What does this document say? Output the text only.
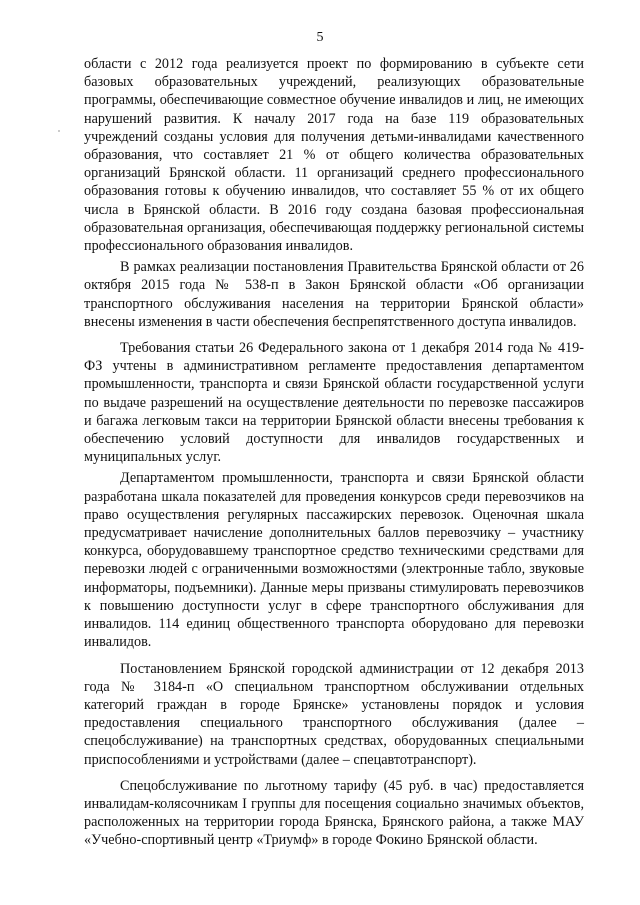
5

области с 2012 года реализуется проект по формированию в субъекте сети базовых образовательных учреждений, реализующих образовательные программы, обеспечивающие совместное обучение инвалидов и лиц, не имеющих нарушений развития. К началу 2017 года на базе 119 образовательных учреждений созданы условия для получения детьми-инвалидами качественного образования, что составляет 21 % от общего количества образовательных организаций Брянской области. 11 организаций среднего профессионального образования готовы к обучению инвалидов, что составляет 55 % от их общего числа в Брянской области. В 2016 году создана базовая профессиональная образовательная организация, обеспечивающая поддержку региональной системы профессионального образования инвалидов.

В рамках реализации постановления Правительства Брянской области от 26 октября 2015 года № 538-п в Закон Брянской области «Об организации транспортного обслуживания населения на территории Брянской области» внесены изменения в части обеспечения беспрепятственного доступа инвалидов.

Требования статьи 26 Федерального закона от 1 декабря 2014 года № 419-ФЗ учтены в административном регламенте предоставления департаментом промышленности, транспорта и связи Брянской области государственной услуги по выдаче разрешений на осуществление деятельности по перевозке пассажиров и багажа легковым такси на территории Брянской области внесены требования к обеспечению условий доступности для инвалидов государственных и муниципальных услуг.

Департаментом промышленности, транспорта и связи Брянской области разработана шкала показателей для проведения конкурсов среди перевозчиков на право осуществления регулярных пассажирских перевозок. Оценочная шкала предусматривает начисление дополнительных баллов перевозчику – участнику конкурса, оборудовавшему транспортное средство техническими средствами для перевозки людей с ограниченными возможностями (электронные табло, звуковые информаторы, подъемники). Данные меры призваны стимулировать перевозчиков к повышению доступности услуг в сфере транспортного обслуживания для инвалидов. 114 единиц общественного транспорта оборудовано для перевозки инвалидов.

Постановлением Брянской городской администрации от 12 декабря 2013 года № 3184-п «О специальном транспортном обслуживании отдельных категорий граждан в городе Брянске» установлены порядок и условия предоставления специального транспортного обслуживания (далее – спецобслуживание) на транспортных средствах, оборудованных специальными приспособлениями и устройствами (далее – спецавтотранспорт).

Спецобслуживание по льготному тарифу (45 руб. в час) предоставляется инвалидам-колясочникам I группы для посещения социально значимых объектов, расположенных на территории города Брянска, Брянского района, а также МАУ «Учебно-спортивный центр «Триумф» в городе Фокино Брянской области.
